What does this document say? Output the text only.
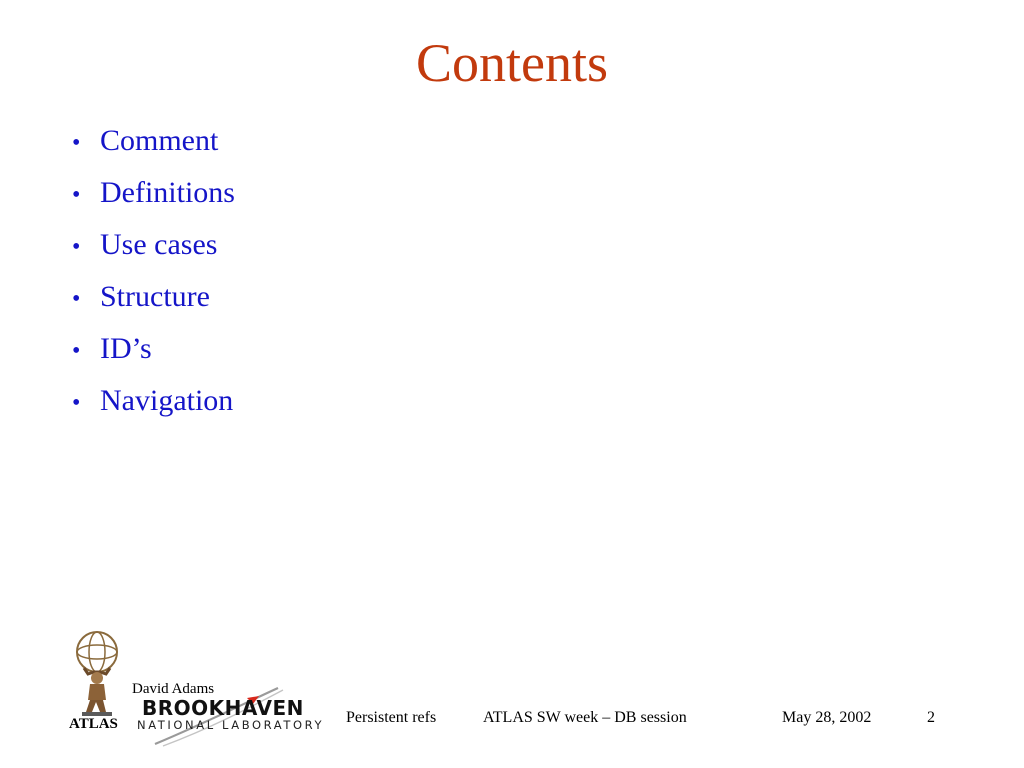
Contents
• Comment
• Definitions
• Use cases
• Structure
• ID’s
• Navigation
ATLAS
David Adams
BROOKHAVEN
NATIONAL LABORATORY Persistent refs	ATLAS SW week – DB session	May 28, 2002	2
